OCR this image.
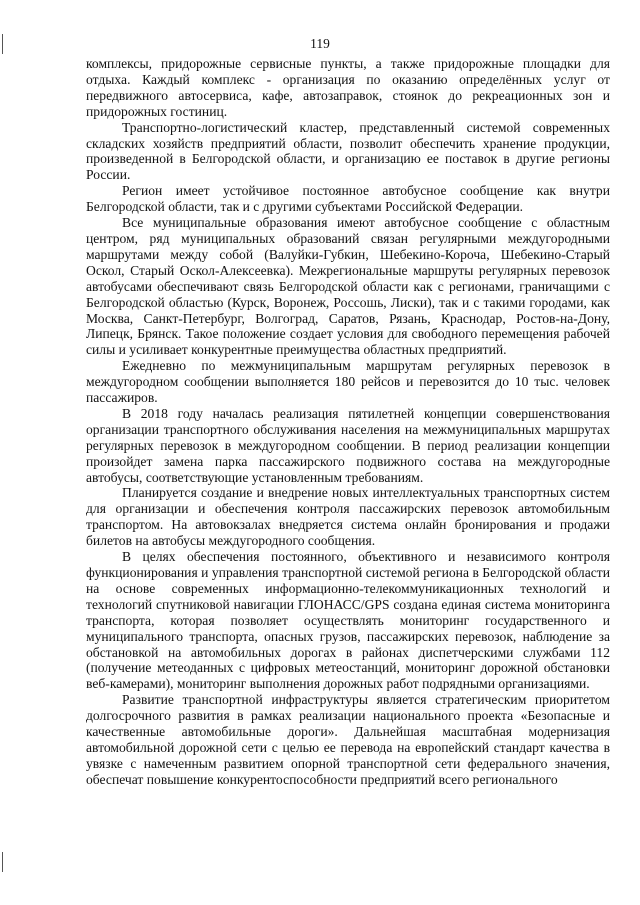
119

комплексы, придорожные сервисные пункты, а также придорожные площадки для отдыха. Каждый комплекс - организация по оказанию определённых услуг от передвижного автосервиса, кафе, автозаправок, стоянок до рекреационных зон и придорожных гостиниц.

Транспортно-логистический кластер, представленный системой современных складских хозяйств предприятий области, позволит обеспечить хранение продукции, произведенной в Белгородской области, и организацию ее поставок в другие регионы России.

Регион имеет устойчивое постоянное автобусное сообщение как внутри Белгородской области, так и с другими субъектами Российской Федерации.

Все муниципальные образования имеют автобусное сообщение с областным центром, ряд муниципальных образований связан регулярными междугородными маршрутами между собой (Валуйки-Губкин, Шебекино-Короча, Шебекино-Старый Оскол, Старый Оскол-Алексеевка). Межрегиональные маршруты регулярных перевозок автобусами обеспечивают связь Белгородской области как с регионами, граничащими с Белгородской областью (Курск, Воронеж, Россошь, Лиски), так и с такими городами, как Москва, Санкт-Петербург, Волгоград, Саратов, Рязань, Краснодар, Ростов-на-Дону, Липецк, Брянск. Такое положение создает условия для свободного перемещения рабочей силы и усиливает конкурентные преимущества областных предприятий.

Ежедневно по межмуниципальным маршрутам регулярных перевозок в междугородном сообщении выполняется 180 рейсов и перевозится до 10 тыс. человек пассажиров.

В 2018 году началась реализация пятилетней концепции совершенствования организации транспортного обслуживания населения на межмуниципальных маршрутах регулярных перевозок в междугородном сообщении. В период реализации концепции произойдет замена парка пассажирского подвижного состава на междугородные автобусы, соответствующие установленным требованиям.

Планируется создание и внедрение новых интеллектуальных транспортных систем для организации и обеспечения контроля пассажирских перевозок автомобильным транспортом. На автовокзалах внедряется система онлайн бронирования и продажи билетов на автобусы междугородного сообщения.

В целях обеспечения постоянного, объективного и независимого контроля функционирования и управления транспортной системой региона в Белгородской области на основе современных информационно-телекоммуникационных технологий и технологий спутниковой навигации ГЛОНАСС/GPS создана единая система мониторинга транспорта, которая позволяет осуществлять мониторинг государственного и муниципального транспорта, опасных грузов, пассажирских перевозок, наблюдение за обстановкой на автомобильных дорогах в районах диспетчерскими службами 112 (получение метеоданных с цифровых метеостанций, мониторинг дорожной обстановки веб-камерами), мониторинг выполнения дорожных работ подрядными организациями.

Развитие транспортной инфраструктуры является стратегическим приоритетом долгосрочного развития в рамках реализации национального проекта «Безопасные и качественные автомобильные дороги». Дальнейшая масштабная модернизация автомобильной дорожной сети с целью ее перевода на европейский стандарт качества в увязке с намеченным развитием опорной транспортной сети федерального значения, обеспечат повышение конкурентоспособности предприятий всего регионального
